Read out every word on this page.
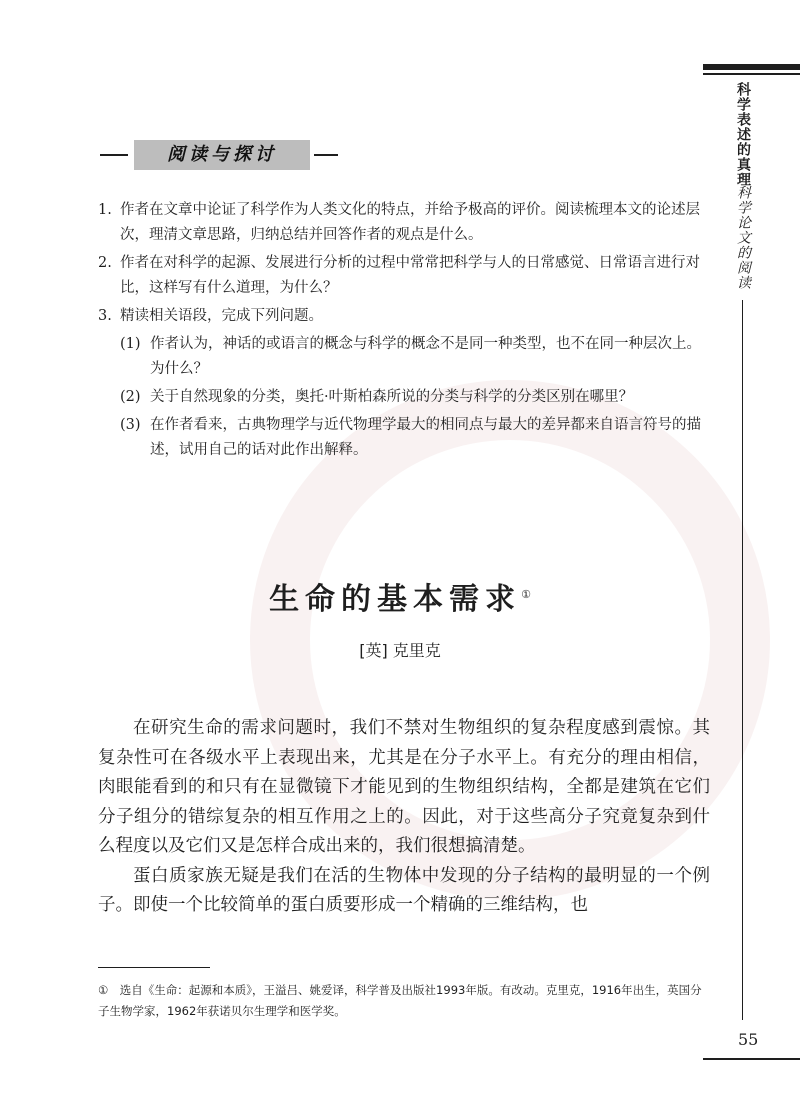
科学表述的真理
科学论文的阅读
阅读与探讨
1. 作者在文章中论证了科学作为人类文化的特点，并给予极高的评价。阅读梳理本文的论述层次，理清文章思路，归纳总结并回答作者的观点是什么。
2. 作者在对科学的起源、发展进行分析的过程中常常把科学与人的日常感觉、日常语言进行对比，这样写有什么道理，为什么？
3. 精读相关语段，完成下列问题。
(1) 作者认为，神话的或语言的概念与科学的概念不是同一种类型，也不在同一种层次上。为什么？
(2) 关于自然现象的分类，奥托·叶斯柏森所说的分类与科学的分类区别在哪里？
(3) 在作者看来，古典物理学与近代物理学最大的相同点与最大的差异都来自语言符号的描述，试用自己的话对此作出解释。
生命的基本需求①
[英] 克里克

在研究生命的需求问题时，我们不禁对生物组织的复杂程度感到震惊。其复杂性可在各级水平上表现出来，尤其是在分子水平上。有充分的理由相信，肉眼能看到的和只有在显微镜下才能见到的生物组织结构，全都是建筑在它们分子组分的错综复杂的相互作用之上的。因此，对于这些高分子究竟复杂到什么程度以及它们又是怎样合成出来的，我们很想搞清楚。

蛋白质家族无疑是我们在活的生物体中发现的分子结构的最明显的一个例子。即使一个比较简单的蛋白质要形成一个精确的三维结构，也

①　选自《生命：起源和本质》，王溢吕、姚爱译，科学普及出版社1993年版。有改动。克里克，1916年出生，英国分子生物学家，1962年获诺贝尔生理学和医学奖。
55
